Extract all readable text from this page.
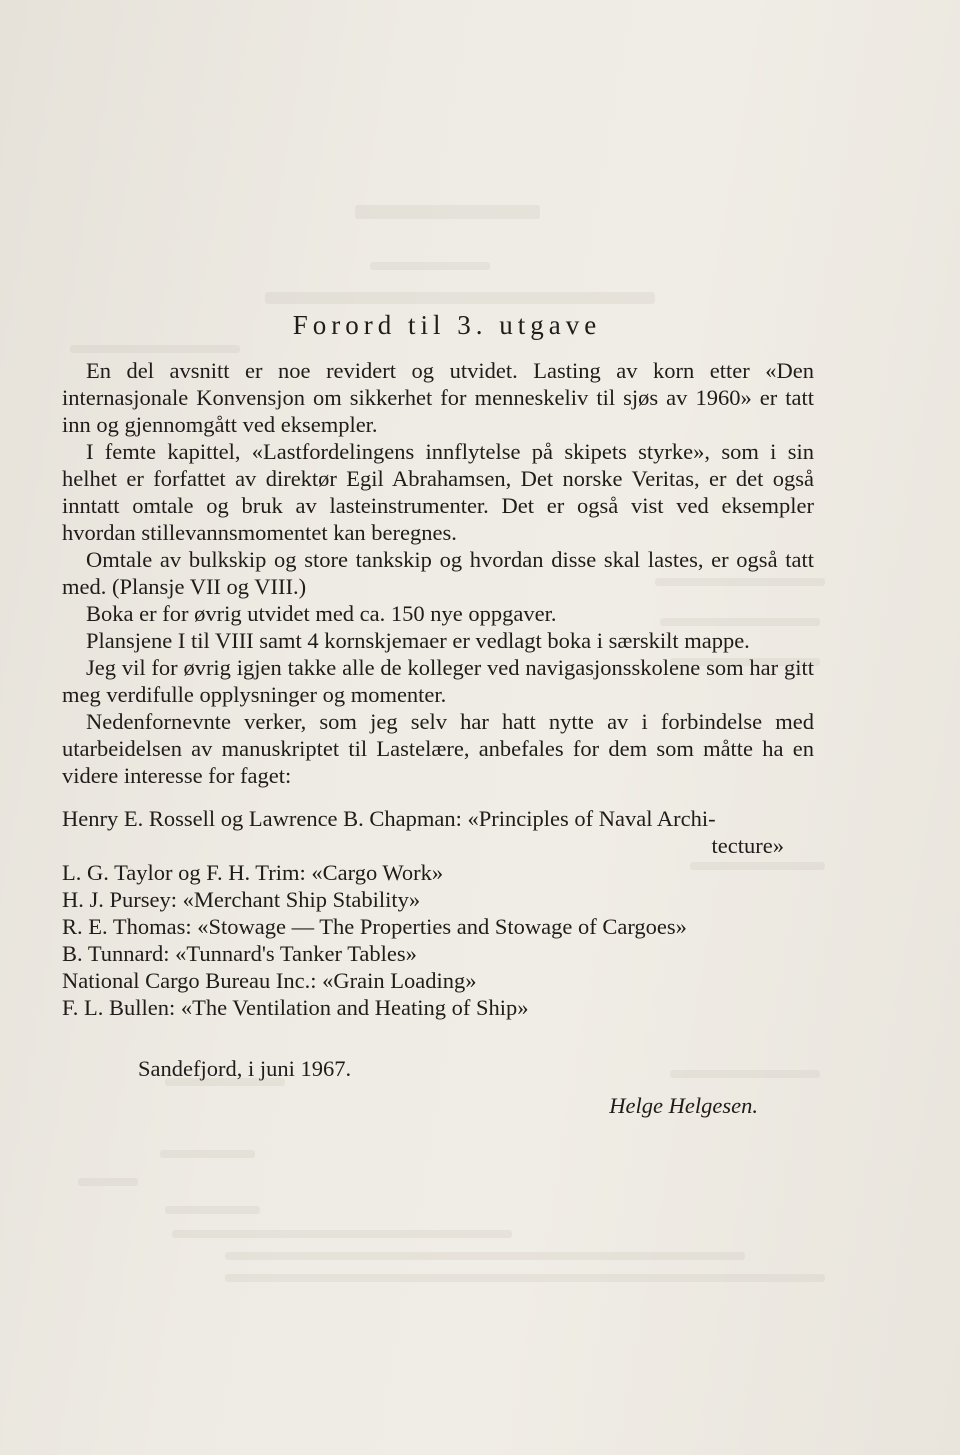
Forord til 3. utgave

En del avsnitt er noe revidert og utvidet. Lasting av korn etter «Den internasjonale Konvensjon om sikkerhet for menneskeliv til sjøs av 1960» er tatt inn og gjennomgått ved eksempler.

I femte kapittel, «Lastfordelingens innflytelse på skipets styrke», som i sin helhet er forfattet av direktør Egil Abrahamsen, Det norske Veritas, er det også inntatt omtale og bruk av lasteinstrumenter. Det er også vist ved eksempler hvordan stillevannsmomentet kan beregnes.

Omtale av bulkskip og store tankskip og hvordan disse skal lastes, er også tatt med. (Plansje VII og VIII.)

Boka er for øvrig utvidet med ca. 150 nye oppgaver.

Plansjene I til VIII samt 4 kornskjemaer er vedlagt boka i særskilt mappe.

Jeg vil for øvrig igjen takke alle de kolleger ved navigasjonsskolene som har gitt meg verdifulle opplysninger og momenter.

Nedenfornevnte verker, som jeg selv har hatt nytte av i forbindelse med utarbeidelsen av manuskriptet til Lastelære, anbefales for dem som måtte ha en videre interesse for faget:

Henry E. Rossell og Lawrence B. Chapman: «Principles of Naval Archi-

tecture»

L. G. Taylor og F. H. Trim: «Cargo Work»

H. J. Pursey: «Merchant Ship Stability»

R. E. Thomas: «Stowage — The Properties and Stowage of Cargoes»

B. Tunnard: «Tunnard's Tanker Tables»

National Cargo Bureau Inc.: «Grain Loading»

F. L. Bullen: «The Ventilation and Heating of Ship»

Sandefjord, i juni 1967.
Helge Helgesen.
